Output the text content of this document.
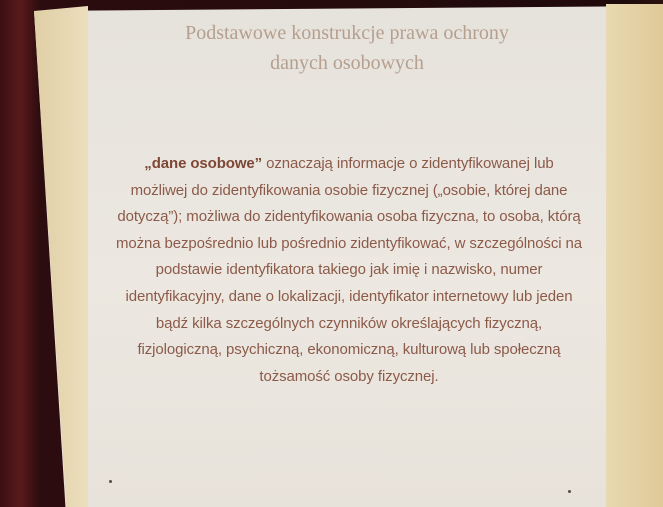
Podstawowe konstrukcje prawa ochrony
danych osobowych
„dane osobowe” oznaczają informacje o zidentyfikowanej lub możliwej do zidentyfikowania osobie fizycznej („osobie, której dane dotyczą”); możliwa do zidentyfikowania osoba fizyczna, to osoba, którą można bezpośrednio lub pośrednio zidentyfikować, w szczególności na podstawie identyfikatora takiego jak imię i nazwisko, numer identyfikacyjny, dane o lokalizacji, identyfikator internetowy lub jeden bądź kilka szczególnych czynników określających fizyczną, fizjologiczną, psychiczną, ekonomiczną, kulturową lub społeczną tożsamość osoby fizycznej.
